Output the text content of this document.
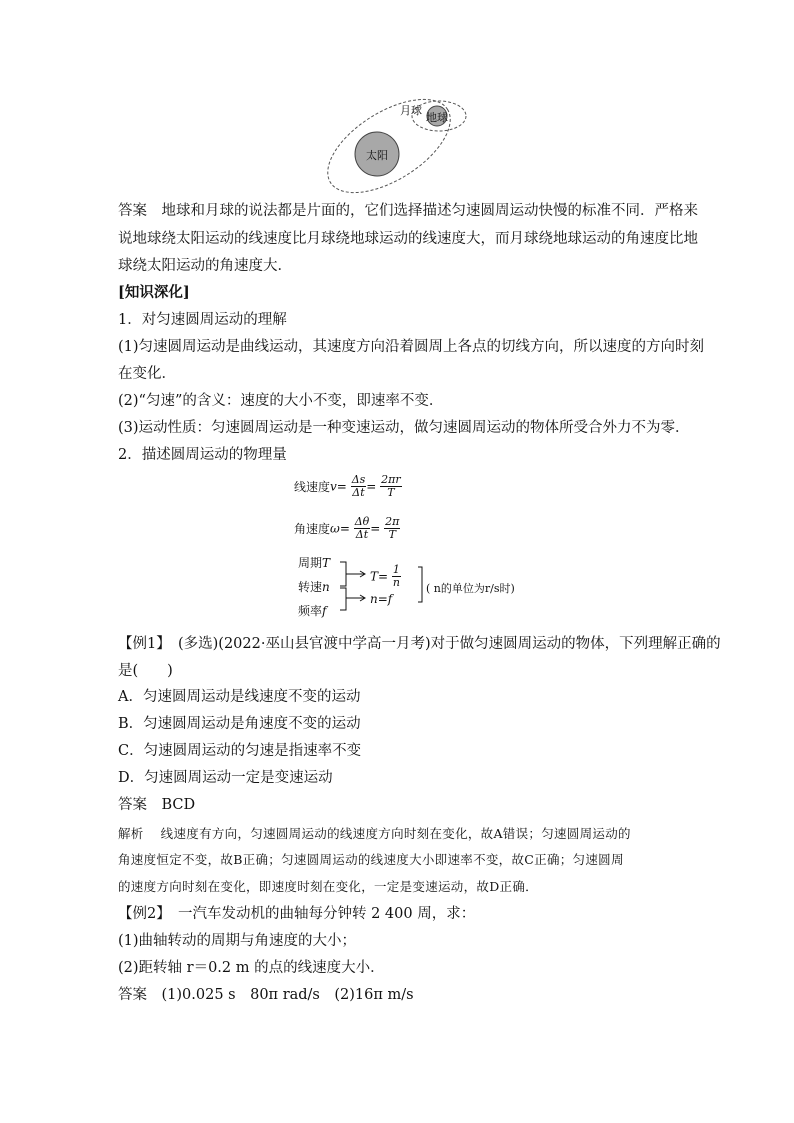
月球
地球
太阳
答案　地球和月球的说法都是片面的，它们选择描述匀速圆周运动快慢的标准不同．严格来
说地球绕太阳运动的线速度比月球绕地球运动的线速度大，而月球绕地球运动的角速度比地
球绕太阳运动的角速度大．
[知识深化]
1．对匀速圆周运动的理解
(1)匀速圆周运动是曲线运动，其速度方向沿着圆周上各点的切线方向，所以速度的方向时刻
在变化．
(2)“匀速”的含义：速度的大小不变，即速率不变．
(3)运动性质：匀速圆周运动是一种变速运动，做匀速圆周运动的物体所受合外力不为零．
2．描述圆周运动的物理量
线速度$v= \frac{\Delta s}{\Delta t} = \frac{2\pi r}{T}$
角速度$\omega= \frac{\Delta\theta}{\Delta t} = \frac{2\pi}{T}$
周期T
转速n
频率f
$T= \frac{1}{n}$
n=f
( n的单位为r/s时)
【例1】　(多选)(2022·巫山县官渡中学高一月考)对于做匀速圆周运动的物体，下列理解正确的
是(　　)
A．匀速圆周运动是线速度不变的运动
B．匀速圆周运动是角速度不变的运动
C．匀速圆周运动的匀速是指速率不变
D．匀速圆周运动一定是变速运动
答案　BCD
解析　 线速度有方向，匀速圆周运动的线速度方向时刻在变化，故A错误；匀速圆周运动的
角速度恒定不变，故B正确；匀速圆周运动的线速度大小即速率不变，故C正确；匀速圆周
的速度方向时刻在变化，即速度时刻在变化，一定是变速运动，故D正确．
【例2】　一汽车发动机的曲轴每分钟转 2 400 周，求：
(1)曲轴转动的周期与角速度的大小；
(2)距转轴 r＝0.2 m 的点的线速度大小．
答案　(1)0.025 s　80π rad/s　(2)16π m/s
